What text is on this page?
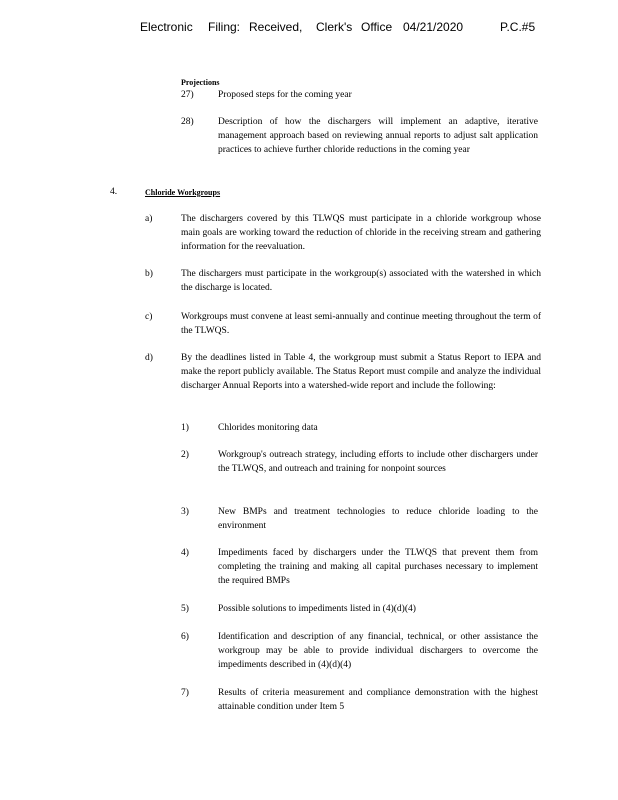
Electronic Filing: Received, Clerk's Office 04/21/2020	P.C.#5
Projections
27)	Proposed steps for the coming year
28)	Description of how the dischargers will implement an adaptive, iterative management approach based on reviewing annual reports to adjust salt application practices to achieve further chloride reductions in the coming year
4.	Chloride Workgroups
a)	The dischargers covered by this TLWQS must participate in a chloride workgroup whose main goals are working toward the reduction of chloride in the receiving stream and gathering information for the reevaluation.
b)	The dischargers must participate in the workgroup(s) associated with the watershed in which the discharge is located.
c)	Workgroups must convene at least semi-annually and continue meeting throughout the term of the TLWQS.
d)	By the deadlines listed in Table 4, the workgroup must submit a Status Report to IEPA and make the report publicly available. The Status Report must compile and analyze the individual discharger Annual Reports into a watershed-wide report and include the following:
1)	Chlorides monitoring data
2)	Workgroup's outreach strategy, including efforts to include other dischargers under the TLWQS, and outreach and training for nonpoint sources
3)	New BMPs and treatment technologies to reduce chloride loading to the environment
4)	Impediments faced by dischargers under the TLWQS that prevent them from completing the training and making all capital purchases necessary to implement the required BMPs
5)	Possible solutions to impediments listed in (4)(d)(4)
6)	Identification and description of any financial, technical, or other assistance the workgroup may be able to provide individual dischargers to overcome the impediments described in (4)(d)(4)
7)	Results of criteria measurement and compliance demonstration with the highest attainable condition under Item 5
